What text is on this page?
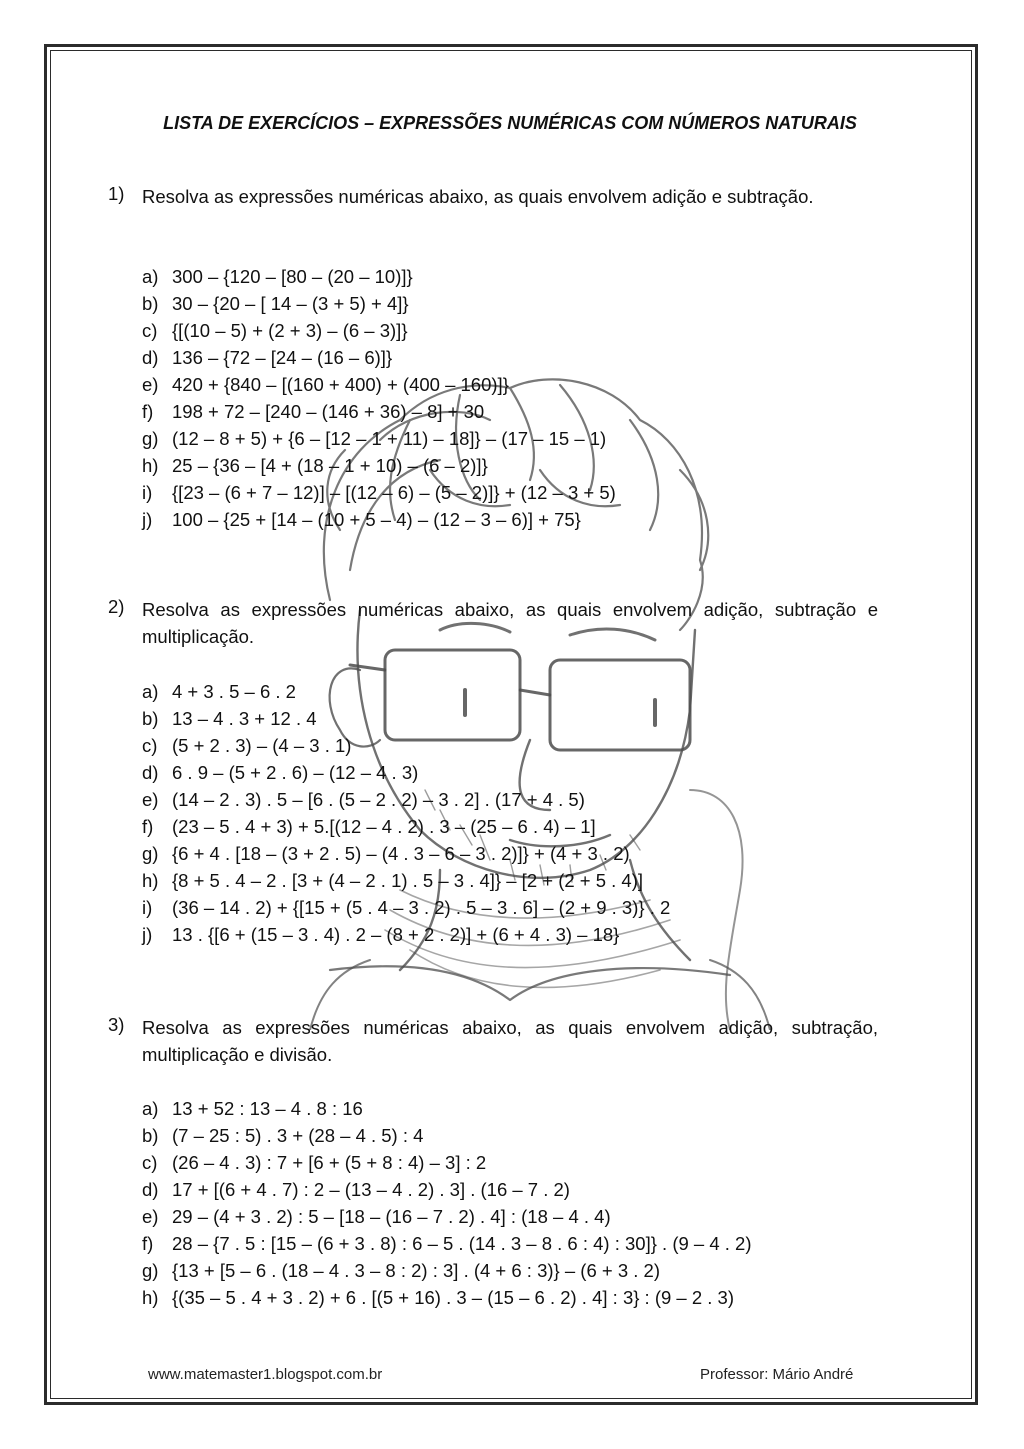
LISTA DE EXERCÍCIOS – EXPRESSÕES NUMÉRICAS COM NÚMEROS NATURAIS
1) Resolva as expressões numéricas abaixo, as quais envolvem adição e subtração.
a) 300 – {120 – [80 – (20 – 10)]}
b) 30 – {20 – [ 14 – (3 + 5) + 4]}
c) {[(10 – 5) + (2 + 3) – (6 – 3)]}
d) 136 – {72 – [24 – (16 – 6)]}
e) 420 + {840 – [(160 + 400) + (400 – 160)]}
f)	198 + 72 – [240 – (146 + 36) – 8] + 30
g) (12 – 8 + 5) + {6 – [12 – 1 + 11) – 18]} – (17 – 15 – 1)
h) 25 – {36 – [4 + (18 – 1 + 10) – (6 – 2)]}
i)	{[23 – (6 + 7 – 12)] – [(12 – 6) – (5 – 2)]} + (12 – 3 + 5)
j)	100 – {25 + [14 – (10 + 5 – 4) – (12 – 3 – 6)] + 75}
2) Resolva as expressões numéricas abaixo, as quais envolvem adição, subtração e multiplicação.
a) 4 + 3 . 5 – 6 . 2
b) 13 – 4 . 3 + 12 . 4
c) (5 + 2 . 3) – (4 – 3 . 1)
d) 6 . 9 – (5 + 2 . 6) – (12 – 4 . 3)
e) (14 – 2 . 3) . 5 – [6 . (5 – 2 . 2) – 3 . 2] . (17 + 4 . 5)
f)	(23 – 5 . 4 + 3) + 5.[(12 – 4 . 2) . 3 – (25 – 6 . 4) – 1]
g) {6 + 4 . [18 – (3 + 2 . 5) – (4 . 3 – 6 – 3 . 2)]} + (4 + 3 . 2)
h) {8 + 5 . 4 – 2 . [3 + (4 – 2 . 1) . 5 – 3 . 4]} – [2 + (2 + 5 . 4)]
i)	(36 – 14 . 2) + {[15 + (5 . 4 – 3 . 2) . 5 – 3 . 6] – (2 + 9 . 3)} . 2
j)	13 . {[6 + (15 – 3 . 4) . 2 – (8 + 2 . 2)] + (6 + 4 . 3) – 18}
3) Resolva as expressões numéricas abaixo, as quais envolvem adição, subtração, multiplicação e divisão.
a) 13 + 52 : 13 – 4 . 8 : 16
b) (7 – 25 : 5) . 3 + (28 – 4 . 5) : 4
c) (26 – 4 . 3) : 7 + [6 + (5 + 8 : 4) – 3] : 2
d) 17 + [(6 + 4 . 7) : 2 – (13 – 4 . 2) . 3] . (16 – 7 . 2)
e) 29 – (4 + 3 . 2) : 5 – [18 – (16 – 7 . 2) . 4] : (18 – 4 . 4)
f)	28 – {7 . 5 : [15 – (6 + 3 . 8) : 6 – 5 . (14 . 3 – 8 . 6 : 4) : 30]} . (9 – 4 . 2)
g) {13 + [5 – 6 . (18 – 4 . 3 – 8 : 2) : 3] . (4 + 6 : 3)} – (6 + 3 . 2)
h) {(35 – 5 . 4 + 3 . 2) + 6 . [(5 + 16) . 3 – (15 – 6 . 2) . 4] : 3} : (9 – 2 . 3)
www.matemaster1.blogspot.com.br	Professor: Mário André
